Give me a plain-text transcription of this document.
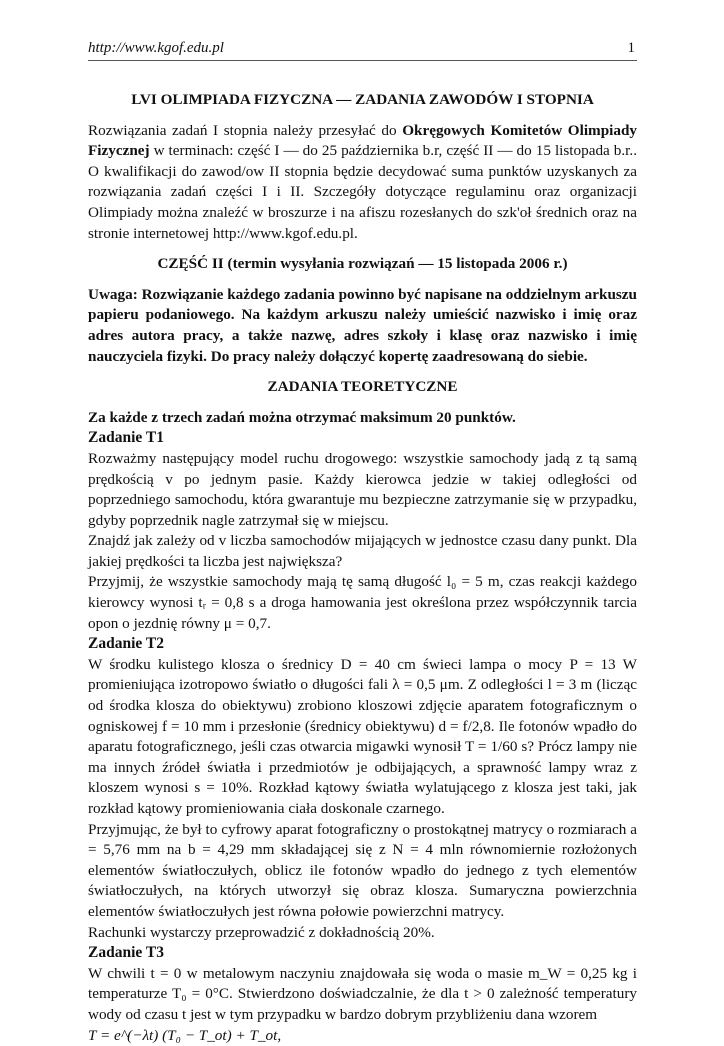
http://www.kgof.edu.pl	1

LVI OLIMPIADA FIZYCZNA — ZADANIA ZAWODÓW I STOPNIA

Rozwiązania zadań I stopnia należy przesyłać do Okręgowych Komitetów Olimpiady Fizycznej w terminach: część I — do 25 października b.r, część II — do 15 listopada b.r.. O kwalifikacji do zawod/ow II stopnia będzie decydować suma punktów uzyskanych za rozwiązania zadań części I i II. Szczegóły dotyczące regulaminu oraz organizacji Olimpiady można znaleźć w broszurze i na afiszu rozesłanych do szk'oł średnich oraz na stronie internetowej http://www.kgof.edu.pl.

CZĘŚĆ II (termin wysyłania rozwiązań — 15 listopada 2006 r.)

Uwaga: Rozwiązanie każdego zadania powinno być napisane na oddzielnym arkuszu papieru podaniowego. Na każdym arkuszu należy umieścić nazwisko i imię oraz adres autora pracy, a także nazwę, adres szkoły i klasę oraz nazwisko i imię nauczyciela fizyki. Do pracy należy dołączyć kopertę zaadresowaną do siebie.

ZADANIA TEORETYCZNE

Za każde z trzech zadań można otrzymać maksimum 20 punktów.

Zadanie T1

Rozważmy następujący model ruchu drogowego: wszystkie samochody jadą z tą samą prędkością v po jednym pasie. Każdy kierowca jedzie w takiej odległości od poprzedniego samochodu, która gwarantuje mu bezpieczne zatrzymanie się w przypadku, gdyby poprzednik nagle zatrzymał się w miejscu.

Znajdź jak zależy od v liczba samochodów mijających w jednostce czasu dany punkt. Dla jakiej prędkości ta liczba jest największa?

Przyjmij, że wszystkie samochody mają tę samą długość l₀ = 5 m, czas reakcji każdego kierowcy wynosi tᵣ = 0,8 s a droga hamowania jest określona przez współczynnik tarcia opon o jezdnię równy μ = 0,7.

Zadanie T2

W środku kulistego klosza o średnicy D = 40 cm świeci lampa o mocy P = 13 W promieniująca izotropowo światło o długości fali λ = 0,5 μm. Z odległości l = 3 m (licząc od środka klosza do obiektywu) zrobiono kloszowi zdjęcie aparatem fotograficznym o ogniskowej f = 10 mm i przesłonie (średnicy obiektywu) d = f/2,8. Ile fotonów wpadło do aparatu fotograficznego, jeśli czas otwarcia migawki wynosił T = 1/60 s? Prócz lampy nie ma innych źródeł światła i przedmiotów je odbijających, a sprawność lampy wraz z kloszem wynosi s = 10%. Rozkład kątowy światła wylatującego z klosza jest taki, jak rozkład kątowy promieniowania ciała doskonale czarnego.

Przyjmując, że był to cyfrowy aparat fotograficzny o prostokątnej matrycy o rozmiarach a = 5,76 mm na b = 4,29 mm składającej się z N = 4 mln równomiernie rozłożonych elementów światłoczułych, oblicz ile fotonów wpadło do jednego z tych elementów światłoczułych, na których utworzył się obraz klosza. Sumaryczna powierzchnia elementów światłoczułych jest równa połowie powierzchni matrycy.

Rachunki wystarczy przeprowadzić z dokładnością 20%.

Zadanie T3

W chwili t = 0 w metalowym naczyniu znajdowała się woda o masie m_W = 0,25 kg i temperaturze T₀ = 0°C. Stwierdzono doświadczalnie, że dla t > 0 zależność temperatury wody od czasu t jest w tym przypadku w bardzo dobrym przybliżeniu dana wzorem

T = e^(−λt) (T₀ − T_ot) + T_ot,
